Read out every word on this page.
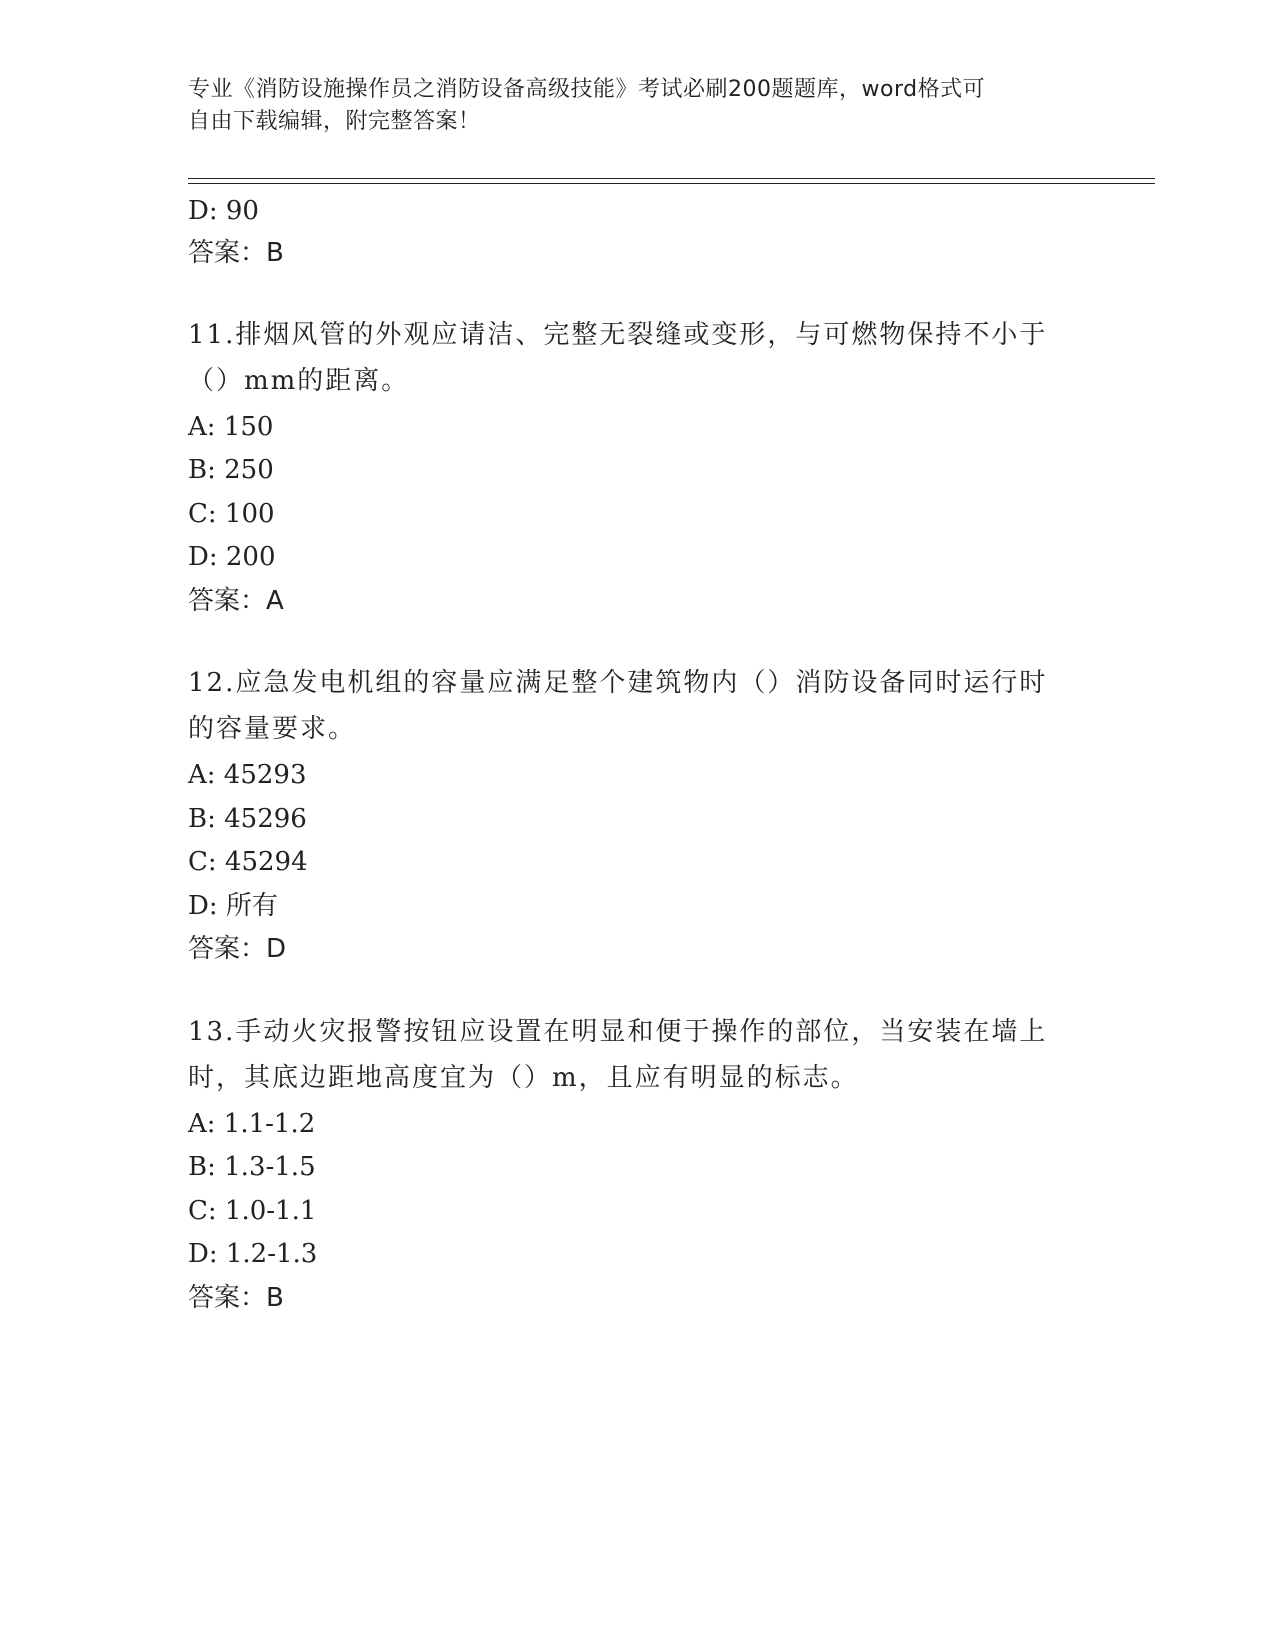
专业《消防设施操作员之消防设备高级技能》考试必刷200题题库，word格式可
自由下载编辑，附完整答案！
D: 90
答案：B
11.排烟风管的外观应请洁、完整无裂缝或变形，与可燃物保持不小于
（）mm的距离。
A: 150
B: 250
C: 100
D: 200
答案：A
12.应急发电机组的容量应满足整个建筑物内（）消防设备同时运行时
的容量要求。
A: 45293
B: 45296
C: 45294
D: 所有
答案：D
13.手动火灾报警按钮应设置在明显和便于操作的部位，当安装在墙上
时，其底边距地高度宜为（）m，且应有明显的标志。
A: 1.1-1.2
B: 1.3-1.5
C: 1.0-1.1
D: 1.2-1.3
答案：B
